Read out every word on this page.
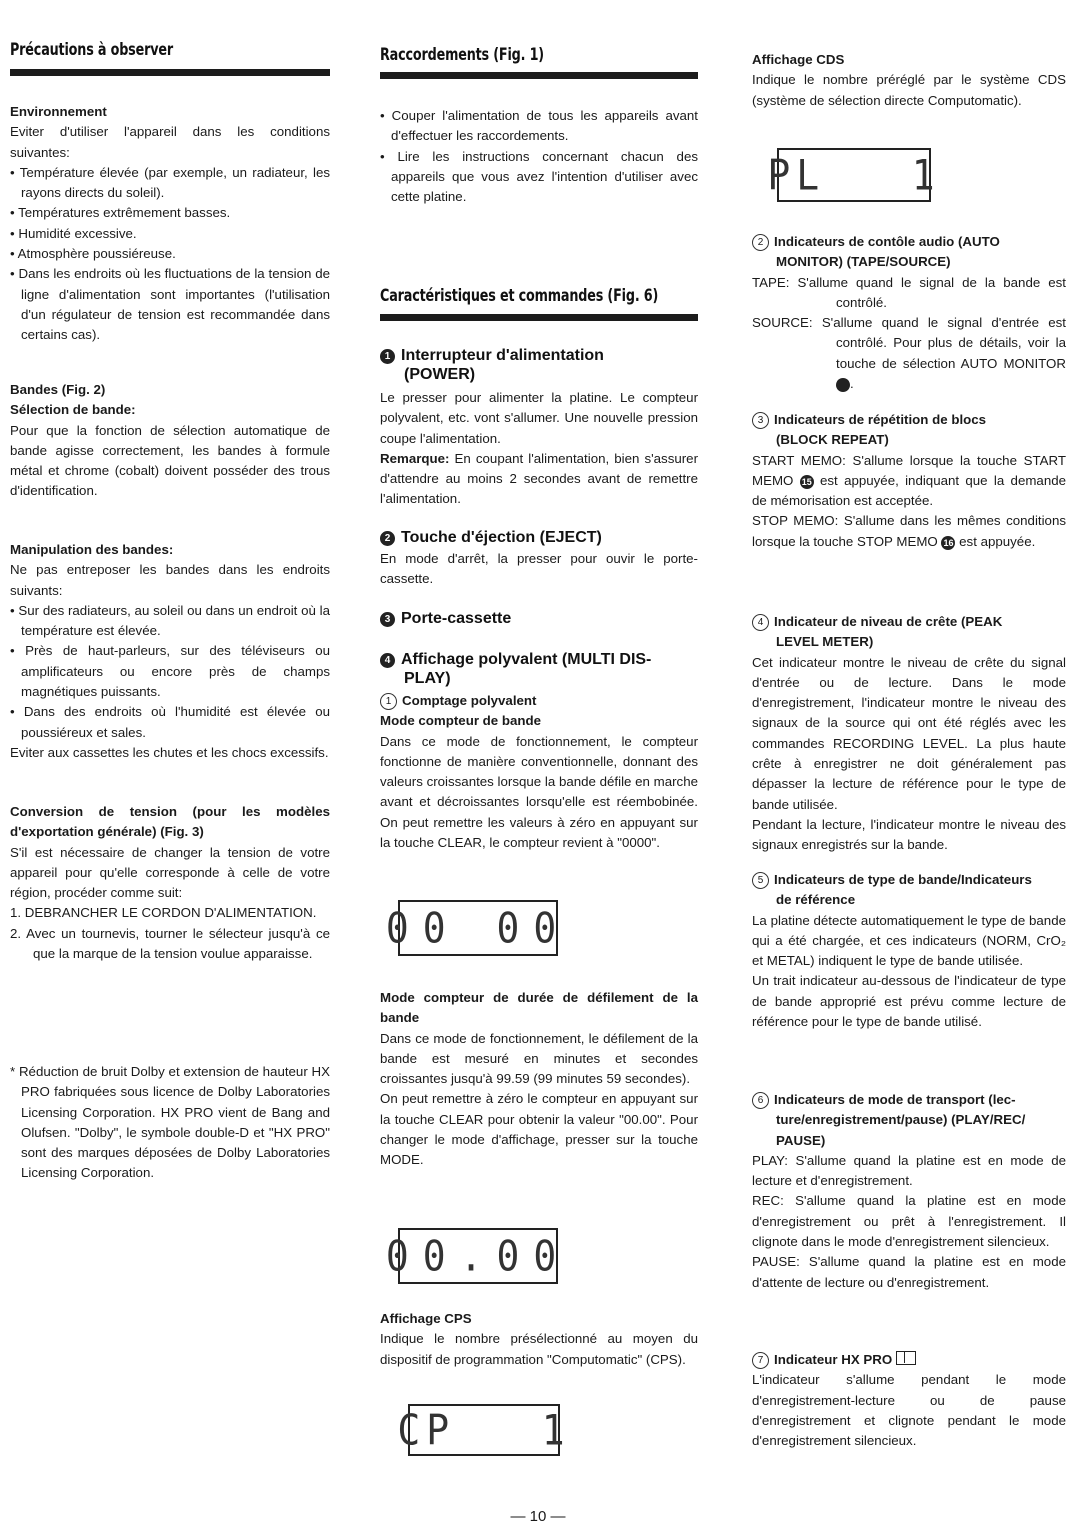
Précautions à observer

Environnement

Eviter d'utiliser l'appareil dans les conditions suivantes:

• Température élevée (par exemple, un radiateur, les rayons directs du soleil).

• Températures extrêmement basses.

• Humidité excessive.

• Atmosphère poussiéreuse.

• Dans les endroits où les fluctuations de la tension de ligne d'alimentation sont importantes (l'utilisation d'un régulateur de tension est recommandée dans certains cas).

Bandes (Fig. 2)

Sélection de bande:

Pour que la fonction de sélection automatique de bande agisse correctement, les bandes à formule métal et chrome (cobalt) doivent posséder des trous d'identification.

Manipulation des bandes:

Ne pas entreposer les bandes dans les endroits suivants:

• Sur des radiateurs, au soleil ou dans un endroit où la température est élevée.

• Près de haut-parleurs, sur des téléviseurs ou amplificateurs ou encore près de champs magnétiques puissants.

• Dans des endroits où l'humidité est élevée ou poussiéreux et sales.

Eviter aux cassettes les chutes et les chocs excessifs.

Conversion de tension (pour les modèles d'exportation générale) (Fig. 3)

S'il est nécessaire de changer la tension de votre appareil pour qu'elle corresponde à celle de votre région, procéder comme suit:

1. DEBRANCHER LE CORDON D'ALIMENTATION.

2. Avec un tournevis, tourner le sélecteur jusqu'à ce que la marque de la tension voulue apparaisse.

* Réduction de bruit Dolby et extension de hauteur HX PRO fabriquées sous licence de Dolby Laboratories Licensing Corporation. HX PRO vient de Bang and Olufsen. "Dolby", le symbole double-D et "HX PRO" sont des marques déposées de Dolby Laboratories Licensing Corporation.

Raccordements (Fig. 1)

• Couper l'alimentation de tous les appareils avant d'effectuer les raccordements.

• Lire les instructions concernant chacun des appareils que vous avez l'intention d'utiliser avec cette platine.

Caractéristiques et commandes (Fig. 6)
1 Interrupteur d'alimentation
(POWER)

Le presser pour alimenter la platine. Le compteur polyvalent, etc. vont s'allumer. Une nouvelle pression coupe l'alimentation.

Remarque: En coupant l'alimentation, bien s'assurer d'attendre au moins 2 secondes avant de remettre l'alimentation.

2 Touche d'éjection (EJECT)

En mode d'arrêt, la presser pour ouvir le porte-cassette.

3 Porte-cassette
4 Affichage polyvalent (MULTI DIS-
PLAY)

1 Comptage polyvalent

Mode compteur de bande

Dans ce mode de fonctionnement, le compteur fonctionne de manière conventionnelle, donnant des valeurs croissantes lorsque la bande défile en marche avant et décroissantes lorsqu'elle est réembobinée. On peut remettre les valeurs à zéro en appuyant sur la touche CLEAR, le compteur revient à "0000".

00 00

Mode compteur de durée de défilement de la bande

Dans ce mode de fonctionnement, le défilement de la bande est mesuré en minutes et secondes croissantes jusqu'à 99.59 (99 minutes 59 secondes).

On peut remettre à zéro le compteur en appuyant sur la touche CLEAR pour obtenir la valeur "00.00". Pour changer le mode d'affichage, presser sur la touche MODE.

00.00

Affichage CPS

Indique le nombre présélectionné au moyen du dispositif de programmation "Computomatic" (CPS).

CP   1

Affichage CDS

Indique le nombre préréglé par le système CDS (système de sélection directe Computomatic).

PL   1

2 Indicateurs de contôle audio (AUTO

MONITOR) (TAPE/SOURCE)

TAPE: S'allume quand le signal de la bande est contrôlé.

SOURCE: S'allume quand le signal d'entrée est contrôlé. Pour plus de détails, voir la touche de sélection AUTO MONITOR 5	.

3 Indicateurs de répétition de blocs

(BLOCK REPEAT)

START MEMO: S'allume lorsque la touche START MEMO 15 est appuyée, indiquant que la demande de mémorisation est acceptée.

STOP MEMO: S'allume dans les mêmes conditions lorsque la touche STOP MEMO 16 est appuyée.

4 Indicateur de niveau de crête (PEAK

LEVEL METER)

Cet indicateur montre le niveau de crête du signal d'entrée ou de lecture. Dans le mode d'enregistrement, l'indicateur montre le niveau des signaux de la source qui ont été réglés avec les commandes RECORDING LEVEL. La plus haute crête à enregistrer ne doit généralement pas dépasser la lecture de référence pour le type de bande utilisée.

Pendant la lecture, l'indicateur montre le niveau des signaux enregistrés sur la bande.

5 Indicateurs de type de bande/Indicateurs

de référence

La platine détecte automatiquement le type de bande qui a été chargée, et ces indicateurs (NORM, CrO₂ et METAL) indiquent le type de bande utilisée.

Un trait indicateur au-dessous de l'indicateur de type de bande approprié est prévu comme lecture de référence pour le type de bande utilisé.

6 Indicateurs de mode de transport (lec-

ture/enregistrement/pause) (PLAY/REC/

PAUSE)

PLAY: S'allume quand la platine est en mode de lecture et d'enregistrement.

REC: S'allume quand la platine est en mode d'enregistrement ou prêt à l'enregistrement. Il clignote dans le mode d'enregistrement silencieux.

PAUSE: S'allume quand la platine est en mode d'attente de lecture ou d'enregistrement.

7 Indicateur HX PRO

L'indicateur s'allume pendant le mode d'enregistrement-lecture ou de pause d'enregistrement et clignote pendant le mode d'enregistrement silencieux.

— 10 —
